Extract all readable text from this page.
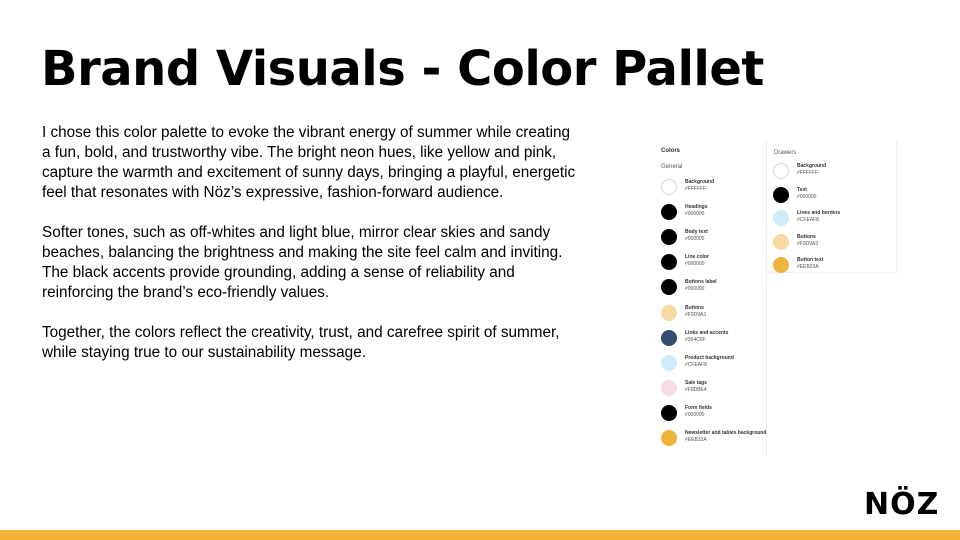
Brand Visuals - Color Pallet

I chose this color palette to evoke the vibrant energy of summer while creating a fun, bold, and trustworthy vibe. The bright neon hues, like yellow and pink, capture the warmth and excitement of sunny days, bringing a playful, energetic feel that resonates with Nöz’s expressive, fashion-forward audience.

Softer tones, such as off-whites and light blue, mirror clear skies and sandy beaches, balancing the brightness and making the site feel calm and inviting. The black accents provide grounding, adding a sense of reliability and reinforcing the brand’s eco-friendly values.

Together, the colors reflect the creativity, trust, and carefree spirit of summer, while staying true to our sustainability message.

Colors
General
Background
#FFFFFF
Headings
#000000
Body text
#000000
Line color
#000000
Buttons label
#000000
Buttons
#F9D9A3
Links and accents
#354C6F
Product background
#CFEAF8
Sale tags
#F8DBE4
Form fields
#000000
Newsletter and tables background
#EEB33A
Drawers
Background
#FFFFFF
Text
#000000
Lines and borders
#CFEAF8
Buttons
#F9D9A3
Button text
#EEB33A
NÖZ
